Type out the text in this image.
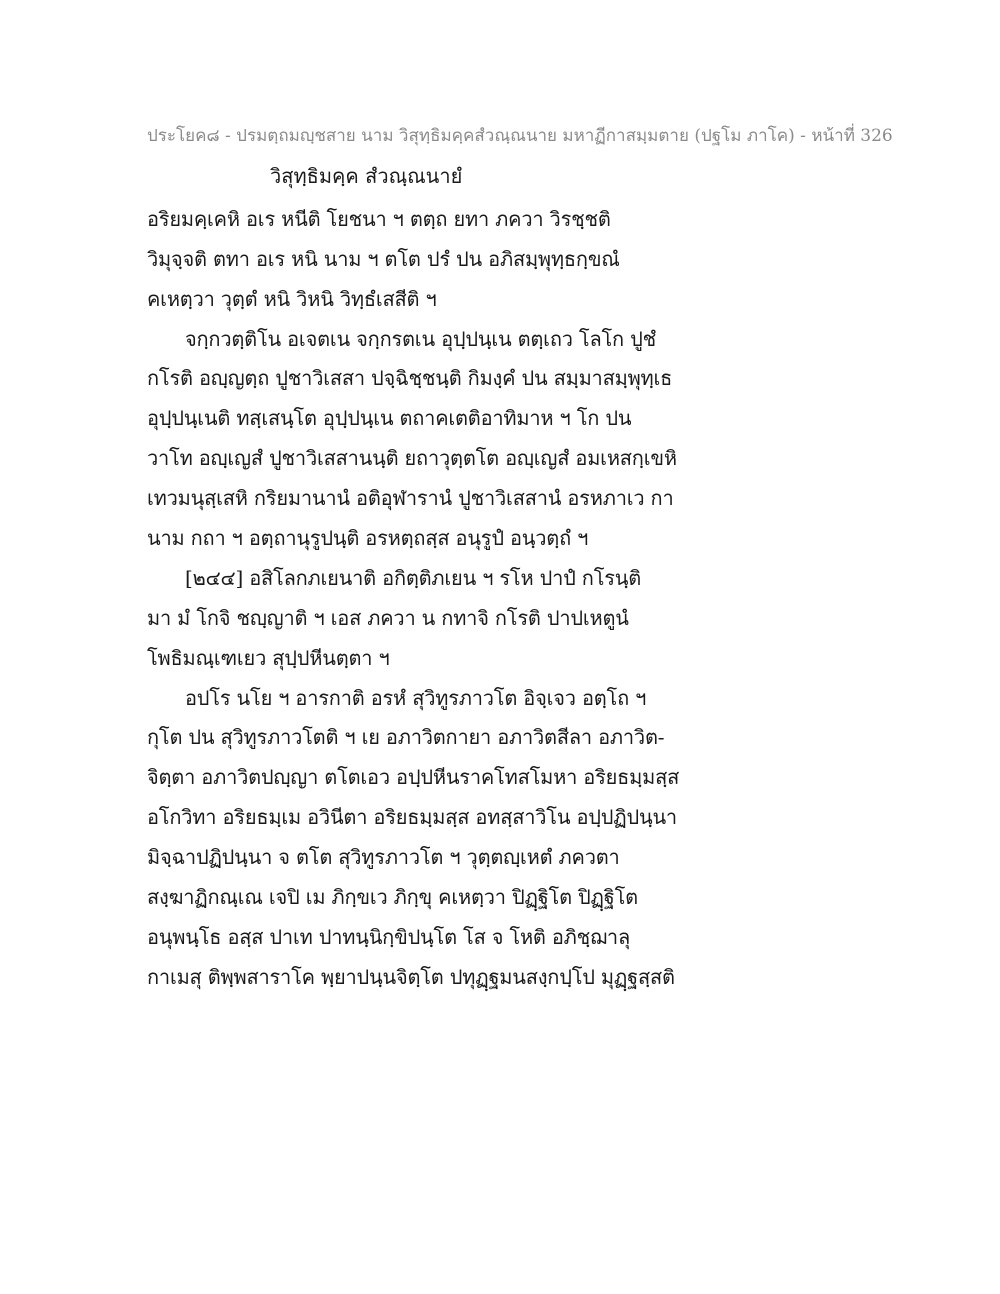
ประโยค๘ - ปรมตฺถมญฺชสาย นาม วิสุทฺธิมคฺคสํวณฺณนาย มหาฏีกาสมฺมตาย (ปฐโม ภาโค) - หน้าที่ 326
วิสุทฺธิมคฺค สํวณฺณนายํ
อริยมคฺเคหิ อเร หนีติ โยชนา ฯ ตตฺถ ยทา ภควา วิรชฺชติ
วิมุจฺจติ ตทา อเร หนิ นาม ฯ ตโต ปรํ ปน อภิสมฺพุทฺธกฺขณํ
คเหตฺวา วุตฺตํ หนิ วิหนิ วิทฺธํเสสีติ ฯ
จกฺกวตฺติโน อเจตเน จกฺกรตเน อุปฺปนฺเน ตตฺเถว โลโก ปูชํ
กโรติ อญฺญตฺถ ปูชาวิเสสา ปจฺฉิชฺชนฺติ กิมงฺคํ ปน สมฺมาสมฺพุทฺเธ
อุปฺปนฺเนติ ทสฺเสนฺโต อุปฺปนฺเน ตถาคเตติอาทิมาห ฯ โก ปน
วาโท อญฺเญสํ ปูชาวิเสสานนฺติ ยถาวุตฺตโต อญฺเญสํ อมเหสกฺเขหิ
เทวมนุสฺเสหิ กริยมานานํ อติอุฬารานํ ปูชาวิเสสานํ อรหภาเว กา
นาม กถา ฯ อตฺถานุรูปนฺติ อรหตฺถสฺส อนุรูปํ อนฺวตฺถํ ฯ
[๒๔๔] อสิโลกภเยนาติ อกิตฺติภเยน ฯ รโห ปาปํ กโรนฺติ
มา มํ โกจิ ชญฺญาติ ฯ เอส ภควา น กทาจิ กโรติ ปาปเหตูนํ
โพธิมณฺเฑเยว สุปฺปหีนตฺตา ฯ
อปโร นโย ฯ อารกาติ อรหํ สุวิทูรภาวโต อิจฺเจว อตฺโถ ฯ
กุโต ปน สุวิทูรภาวโตติ ฯ เย อภาวิตกายา อภาวิตสีลา อภาวิต-
จิตฺตา อภาวิตปญฺญา ตโตเอว อปฺปหีนราคโทสโมหา อริยธมฺมสฺส
อโกวิทา อริยธมฺเม อวินีตา อริยธมฺมสฺส อทสฺสาวิโน อปฺปฏิปนฺนา
มิจฺฉาปฏิปนฺนา จ ตโต สุวิทูรภาวโต ฯ วุตฺตญฺเหตํ ภควตา
สงฺฆาฏิกณฺเณ เจปิ เม ภิกฺขเว ภิกฺขุ คเหตฺวา ปิฏฺฐิโต ปิฏฺฐิโต
อนุพนฺโธ อสฺส ปาเท ปาทนฺนิกฺขิปนฺโต โส จ โหติ อภิชฺฌาลุ
กาเมสุ ติพฺพสาราโค พฺยาปนฺนจิตฺโต ปทุฏฺฐมนสงฺกปฺโป มุฏฺฐสฺสติ
